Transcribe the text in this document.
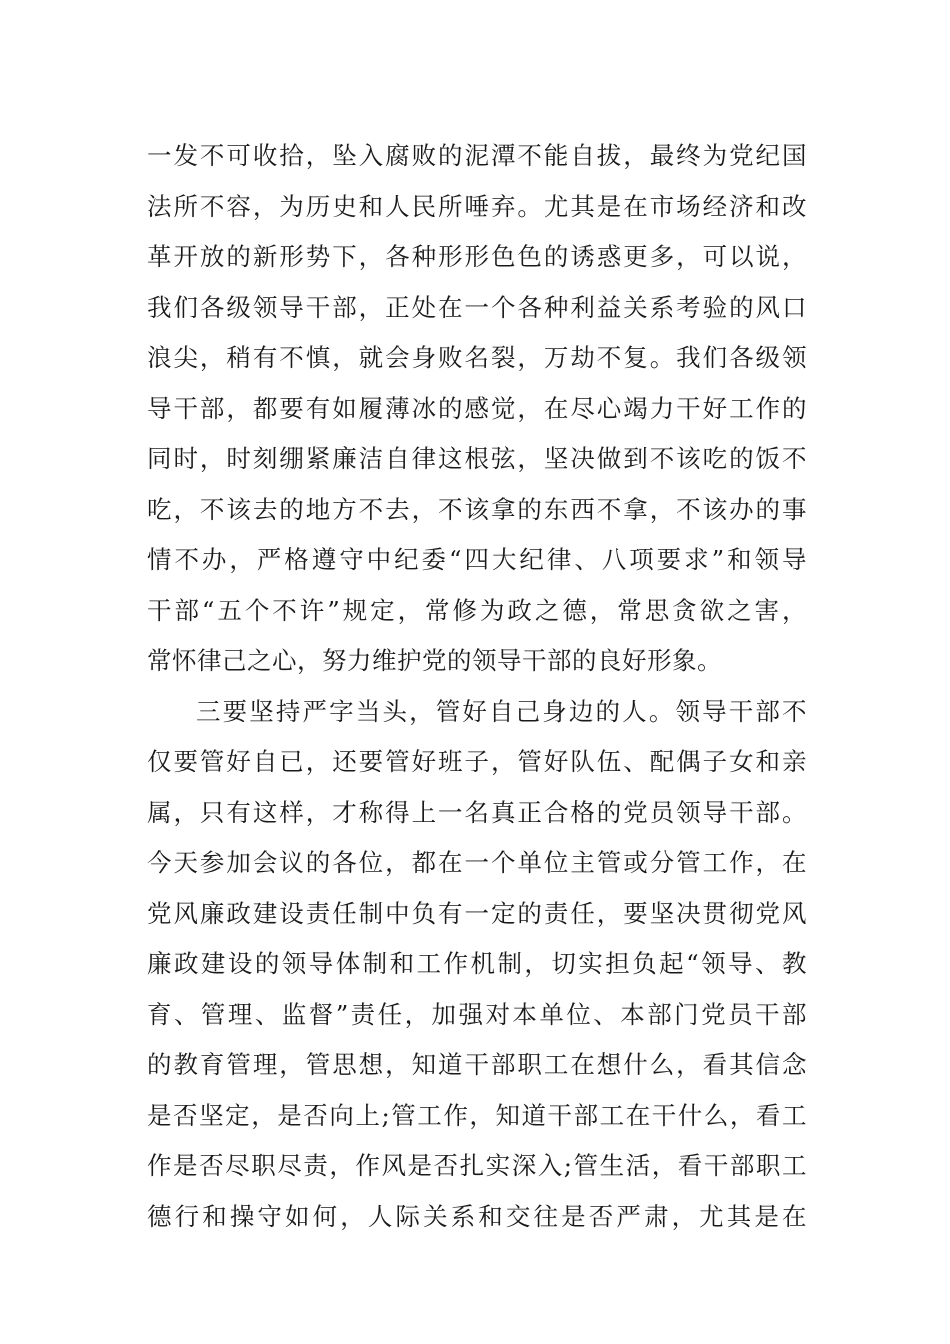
一发不可收拾，坠入腐败的泥潭不能自拔，最终为党纪国
法所不容，为历史和人民所唾弃。尤其是在市场经济和改
革开放的新形势下，各种形形色色的诱惑更多，可以说，
我们各级领导干部，正处在一个各种利益关系考验的风口
浪尖，稍有不慎，就会身败名裂，万劫不复。我们各级领
导干部，都要有如履薄冰的感觉，在尽心竭力干好工作的
同时，时刻绷紧廉洁自律这根弦，坚决做到不该吃的饭不
吃，不该去的地方不去，不该拿的东西不拿，不该办的事
情不办，严格遵守中纪委“四大纪律、八项要求”和领导
干部“五个不许”规定，常修为政之德，常思贪欲之害，
常怀律己之心，努力维护党的领导干部的良好形象。
三要坚持严字当头，管好自己身边的人。领导干部不
仅要管好自已，还要管好班子，管好队伍、配偶子女和亲
属，只有这样，才称得上一名真正合格的党员领导干部。
今天参加会议的各位，都在一个单位主管或分管工作，在
党风廉政建设责任制中负有一定的责任，要坚决贯彻党风
廉政建设的领导体制和工作机制，切实担负起“领导、教
育、管理、监督”责任，加强对本单位、本部门党员干部
的教育管理，管思想，知道干部职工在想什么，看其信念
是否坚定，是否向上;管工作，知道干部工在干什么，看工
作是否尽职尽责，作风是否扎实深入;管生活，看干部职工
德行和操守如何，人际关系和交往是否严肃，尤其是在
